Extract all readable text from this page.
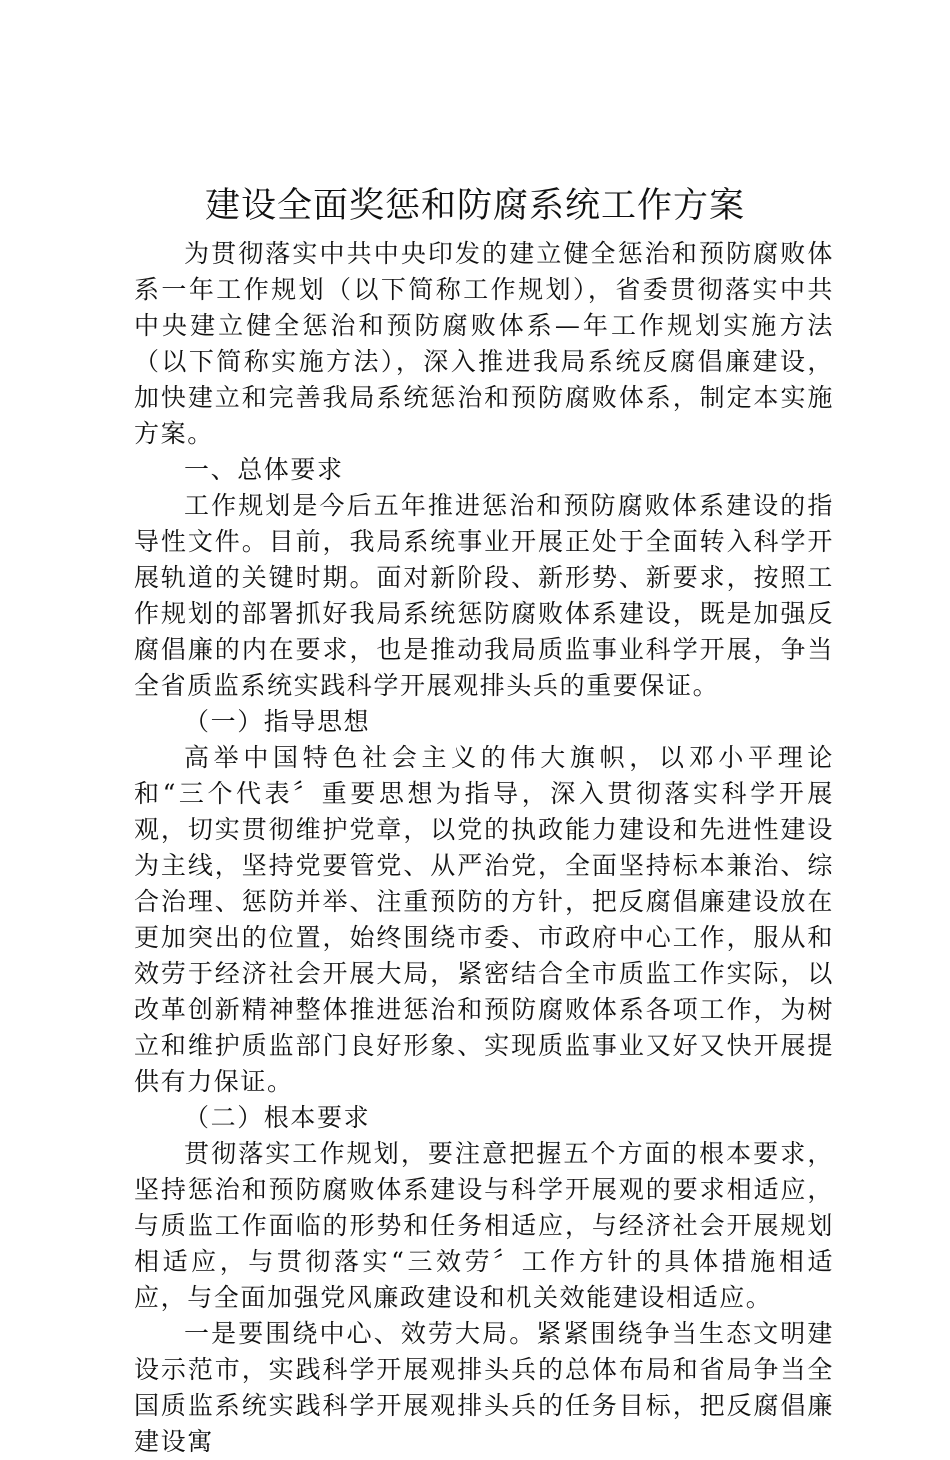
建设全面奖惩和防腐系统工作方案

为贯彻落实中共中央印发的建立健全惩治和预防腐败体系一年工作规划（以下简称工作规划），省委贯彻落实中共中央建立健全惩治和预防腐败体系—年工作规划实施方法（以下简称实施方法），深入推进我局系统反腐倡廉建设，加快建立和完善我局系统惩治和预防腐败体系，制定本实施方案。

一、总体要求

工作规划是今后五年推进惩治和预防腐败体系建设的指导性文件。目前，我局系统事业开展正处于全面转入科学开展轨道的关键时期。面对新阶段、新形势、新要求，按照工作规划的部署抓好我局系统惩防腐败体系建设，既是加强反腐倡廉的内在要求，也是推动我局质监事业科学开展，争当全省质监系统实践科学开展观排头兵的重要保证。

（一）指导思想

高举中国特色社会主义的伟大旗帜，以邓小平理论和“三个代表〞重要思想为指导，深入贯彻落实科学开展观，切实贯彻维护党章，以党的执政能力建设和先进性建设为主线，坚持党要管党、从严治党，全面坚持标本兼治、综合治理、惩防并举、注重预防的方针，把反腐倡廉建设放在更加突出的位置，始终围绕市委、市政府中心工作，服从和效劳于经济社会开展大局，紧密结合全市质监工作实际，以改革创新精神整体推进惩治和预防腐败体系各项工作，为树立和维护质监部门良好形象、实现质监事业又好又快开展提供有力保证。

（二）根本要求

贯彻落实工作规划，要注意把握五个方面的根本要求，坚持惩治和预防腐败体系建设与科学开展观的要求相适应，与质监工作面临的形势和任务相适应，与经济社会开展规划相适应，与贯彻落实“三效劳〞工作方针的具体措施相适应，与全面加强党风廉政建设和机关效能建设相适应。

一是要围绕中心、效劳大局。紧紧围绕争当生态文明建设示范市，实践科学开展观排头兵的总体布局和省局争当全国质监系统实践科学开展观排头兵的任务目标，把反腐倡廉建设寓
